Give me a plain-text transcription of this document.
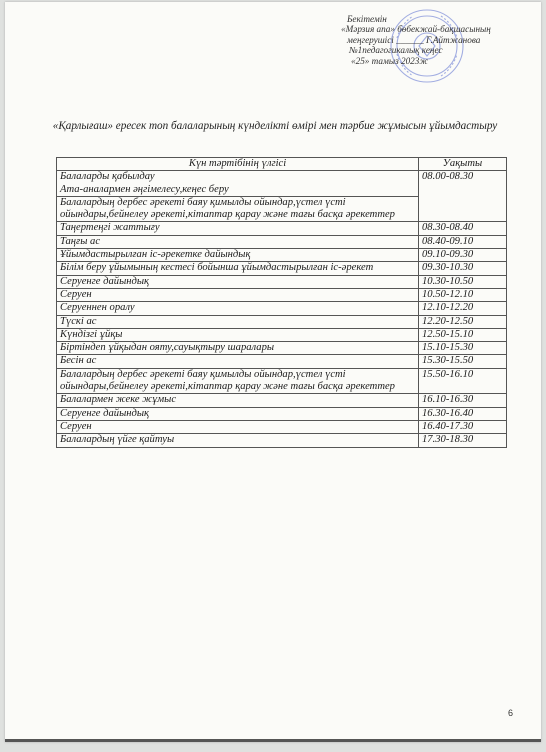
Бекітемін
«Мәрзия апа» бөбекжай-бақшасының
меңгерушісі ______ Г.Айтжанова
№1педагогикалық кеңес
«25» тамыз 2023ж
«Қарлығаш» ересек топ балаларының күнделікті өмірі мен тәрбие жұмысын ұйымдастыру
Күн тәртібінің үлгісі	Уақыты
Балаларды қабылдау
Ата-аналармен әңгімелесу,кеңес беру	08.00-08.30
Балалардың дербес әрекеті баяу қимылды ойындар,үстел үсті ойындары,бейнелеу әрекеті,кітаптар қарау және тағы басқа әрекеттер	
Таңертеңгі жаттығу	08.30-08.40
Таңғы ас	08.40-09.10
Ұйымдастырылған іс-әрекетке дайындық	09.10-09.30
Білім беру ұйымының кестесі бойынша ұйымдастырылған іс-әрекет	09.30-10.30
Серуенге дайындық	10.30-10.50
Серуен	10.50-12.10
Серуеннен оралу	12.10-12.20
Түскі ас	12.20-12.50
Күндізгі ұйқы	12.50-15.10
Біртіндеп ұйқыдан ояту,сауықтыру шаралары	15.10-15.30
Бесін ас	15.30-15.50
Балалардың дербес әрекеті баяу қимылды ойындар,үстел үсті ойындары,бейнелеу әрекеті,кітаптар қарау және тағы басқа әрекеттер	15.50-16.10
Балалармен жеке жұмыс	16.10-16.30
Серуенге дайындық	16.30-16.40
Серуен	16.40-17.30
Балалардың үйге қайтуы	17.30-18.30
6
